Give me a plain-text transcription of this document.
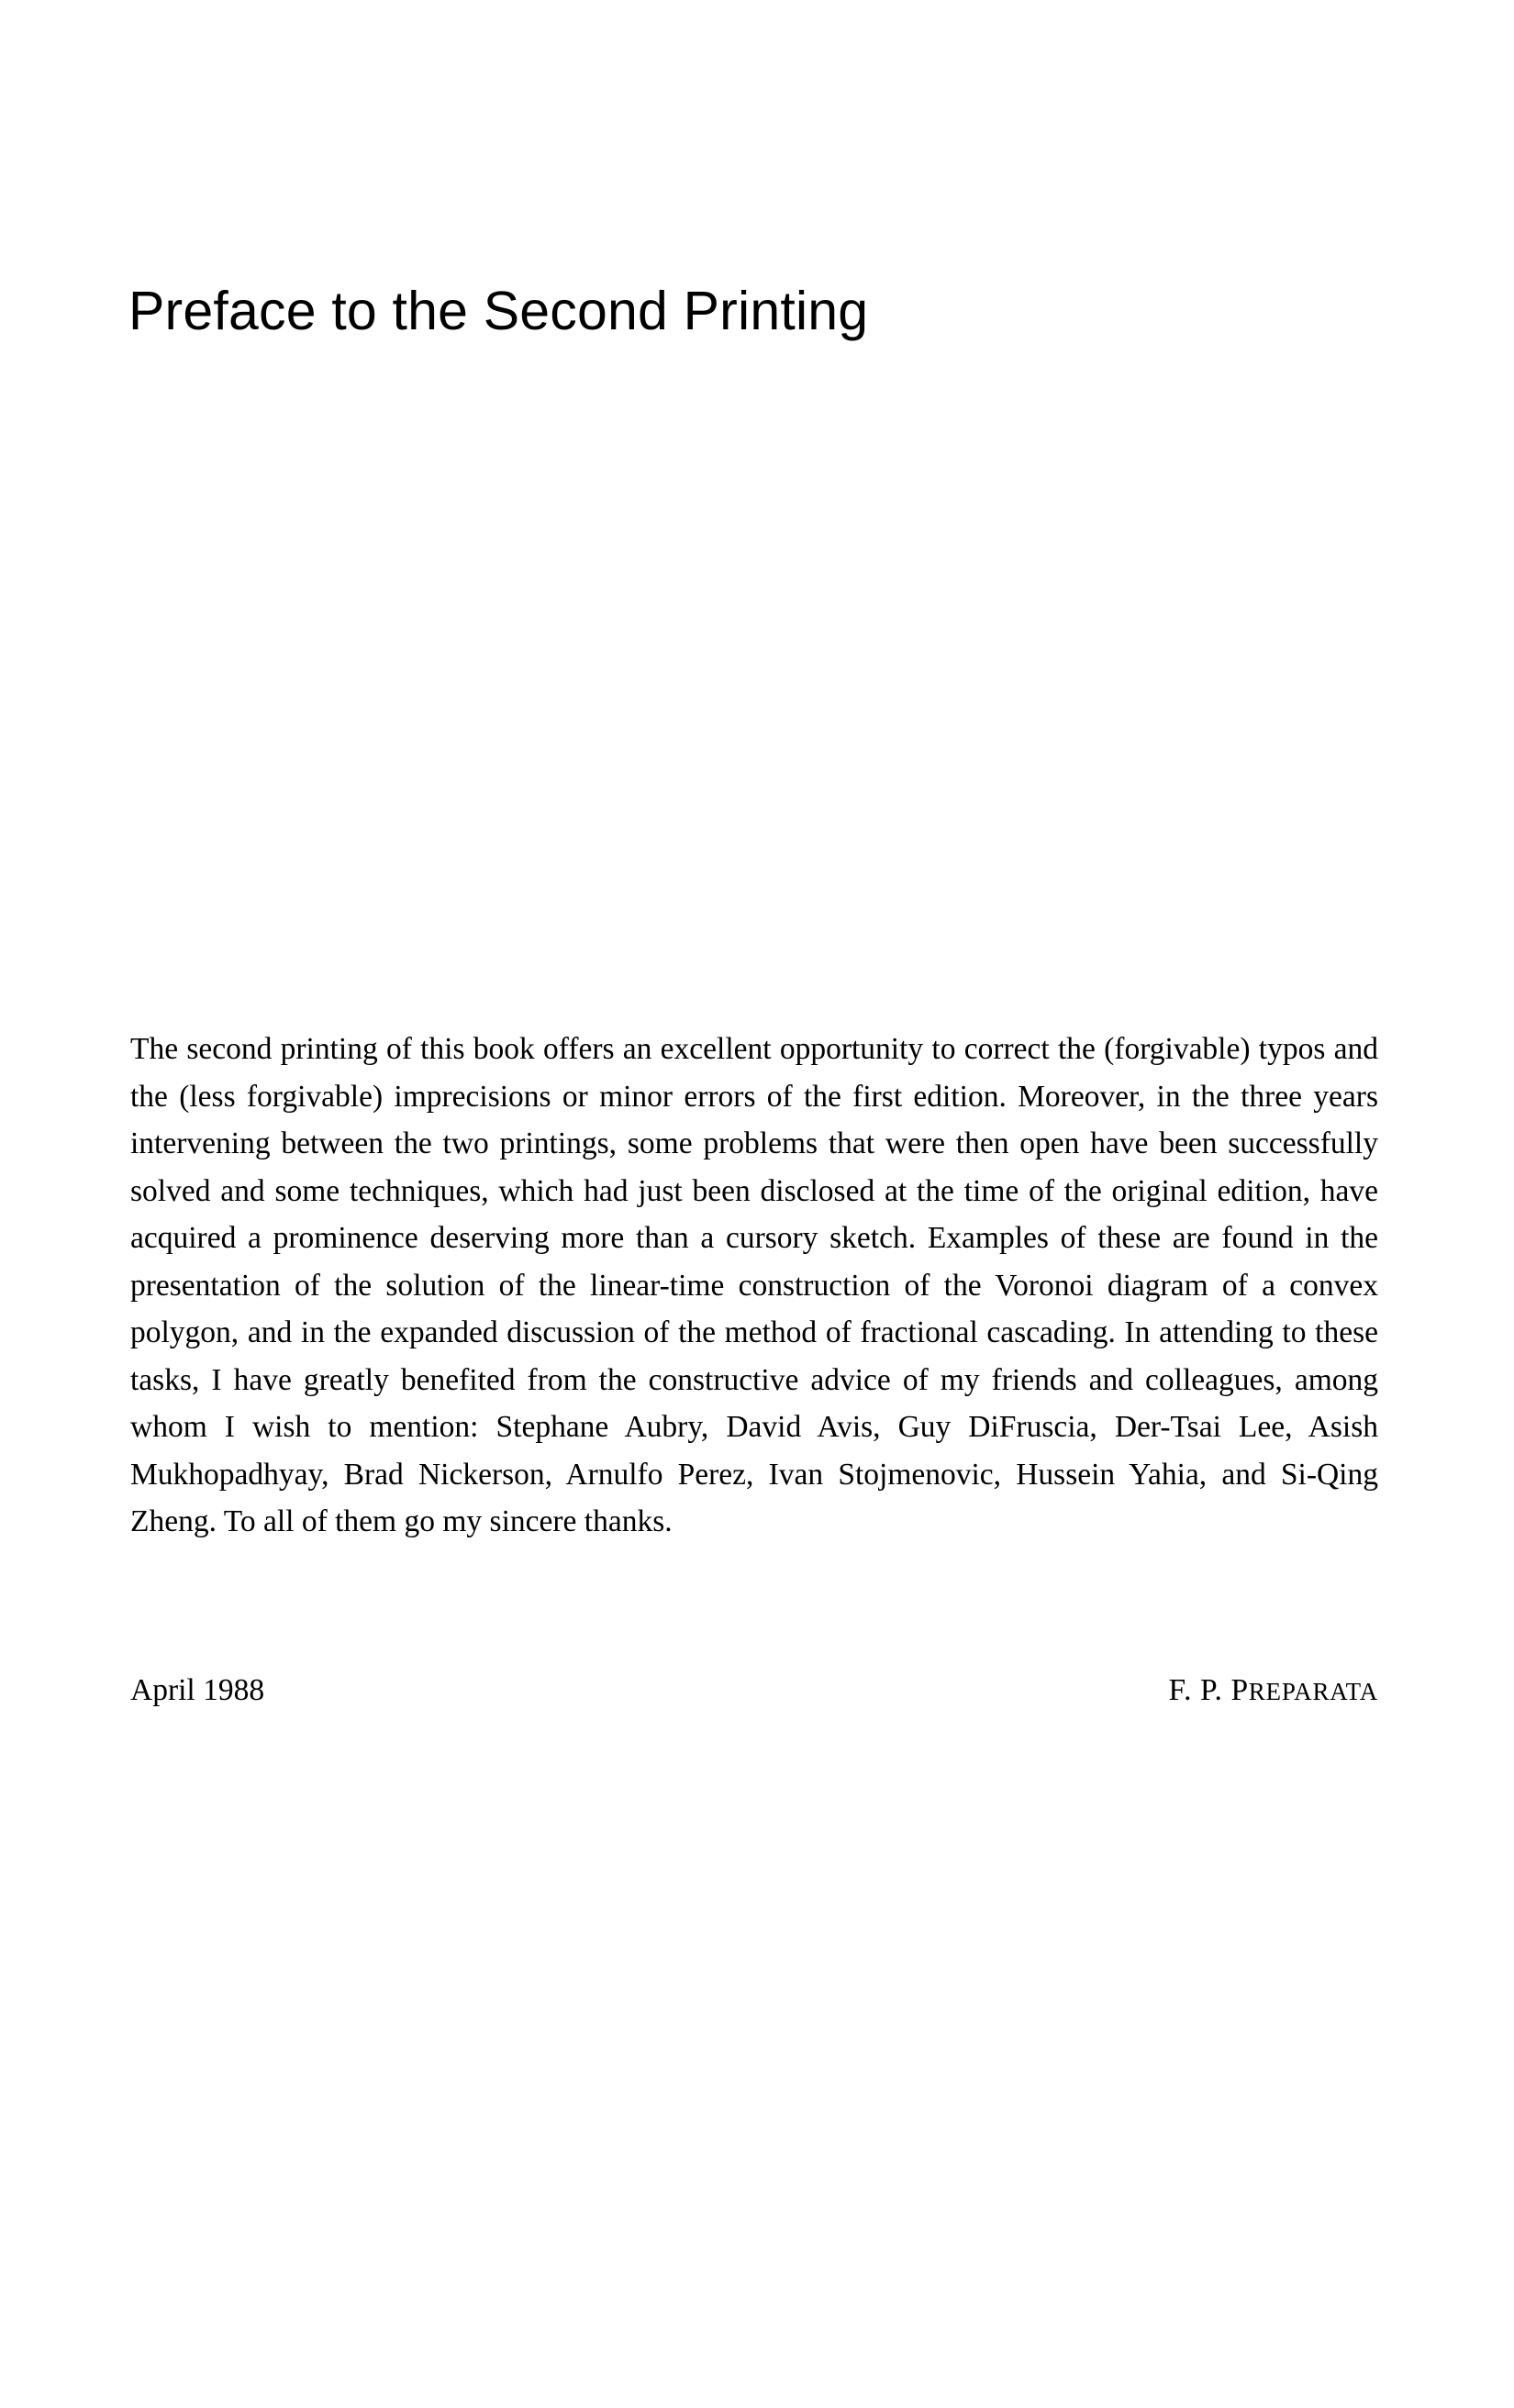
Preface to the Second Printing

The second printing of this book offers an excellent opportunity to correct the (forgivable) typos and the (less forgivable) imprecisions or minor errors of the first edition. Moreover, in the three years intervening between the two printings, some problems that were then open have been successfully solved and some techniques, which had just been disclosed at the time of the original edition, have acquired a prominence deserving more than a cursory sketch. Examples of these are found in the presentation of the solution of the linear-time construction of the Voronoi diagram of a convex polygon, and in the expanded discussion of the method of fractional cascading. In attending to these tasks, I have greatly benefited from the constructive advice of my friends and colleagues, among whom I wish to mention: Stephane Aubry, David Avis, Guy DiFruscia, Der-Tsai Lee, Asish Mukhopadhyay, Brad Nickerson, Arnulfo Perez, Ivan Stojmenovic, Hussein Yahia, and Si-Qing Zheng. To all of them go my sincere thanks.

April 1988	F. P. PREPARATA
